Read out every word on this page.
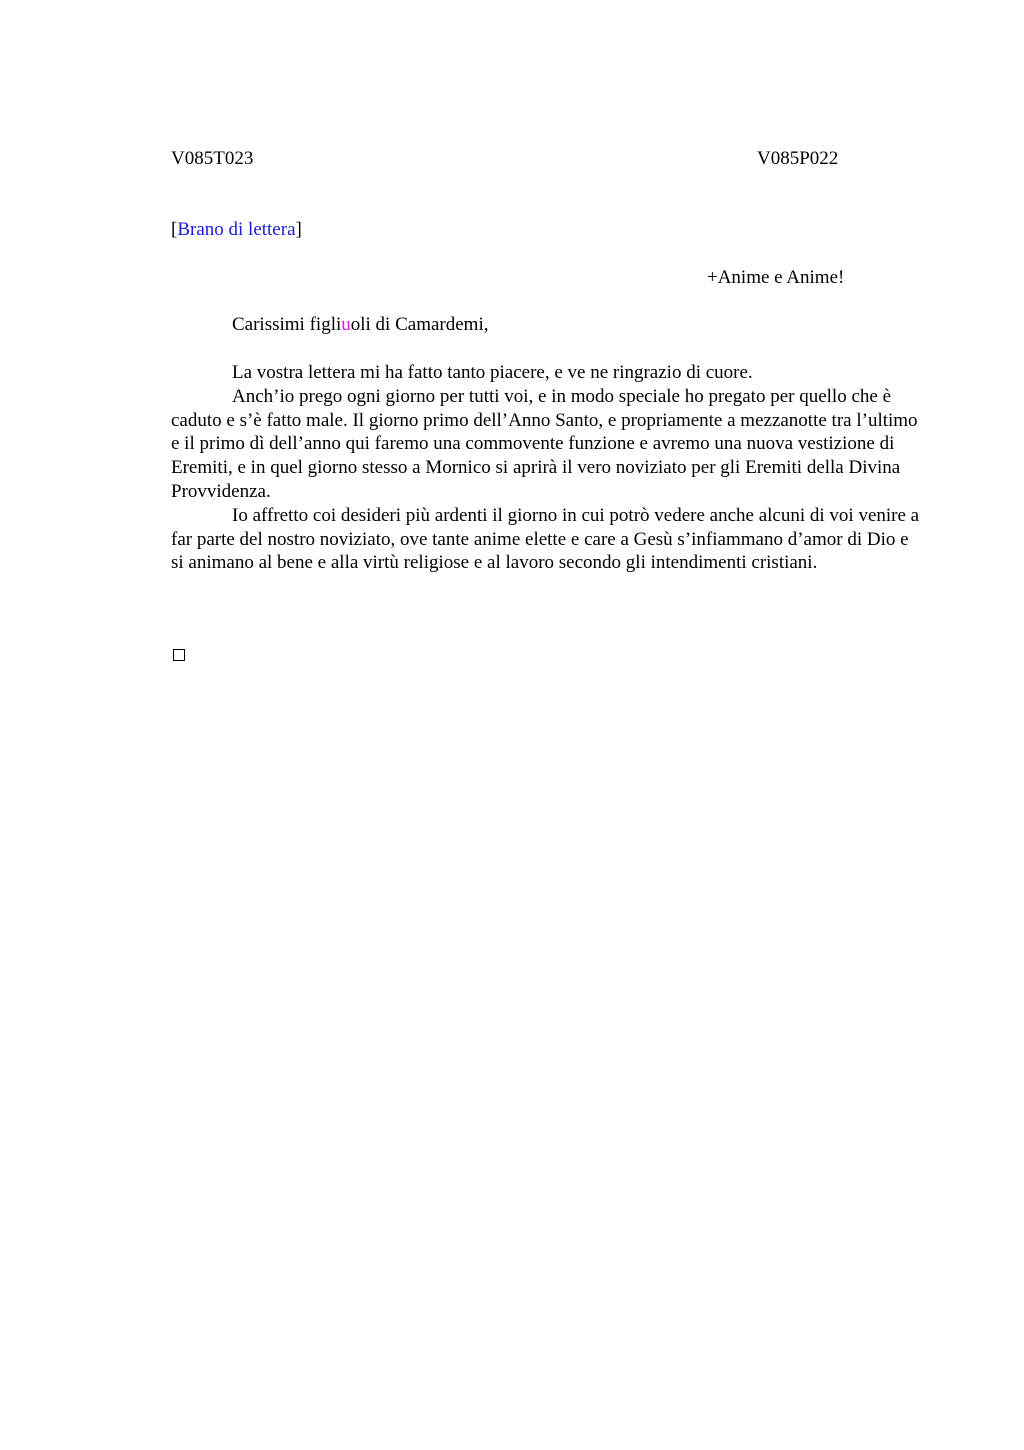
V085T023	V085P022
[Brano di lettera]
+Anime e Anime!
Carissimi figliuoli di Camardemi,

La vostra lettera mi ha fatto tanto piacere, e ve ne ringrazio di cuore.

Anch’io prego ogni giorno per tutti voi, e in modo speciale ho pregato per quello che è caduto e s’è fatto male. Il giorno primo dell’Anno Santo, e propriamente a mezzanotte tra l’ultimo e il primo dì dell’anno qui faremo una commovente funzione e avremo una nuova vestizione di Eremiti, e in quel giorno stesso a Mornico si aprirà il vero noviziato per gli Eremiti della Divina Provvidenza.

Io affretto coi desideri più ardenti il giorno in cui potrò vedere anche alcuni di voi venire a far parte del nostro noviziato, ove tante anime elette e care a Gesù s’infiammano d’amor di Dio e si animano al bene e alla virtù religiose e al lavoro secondo gli intendimenti cristiani.
